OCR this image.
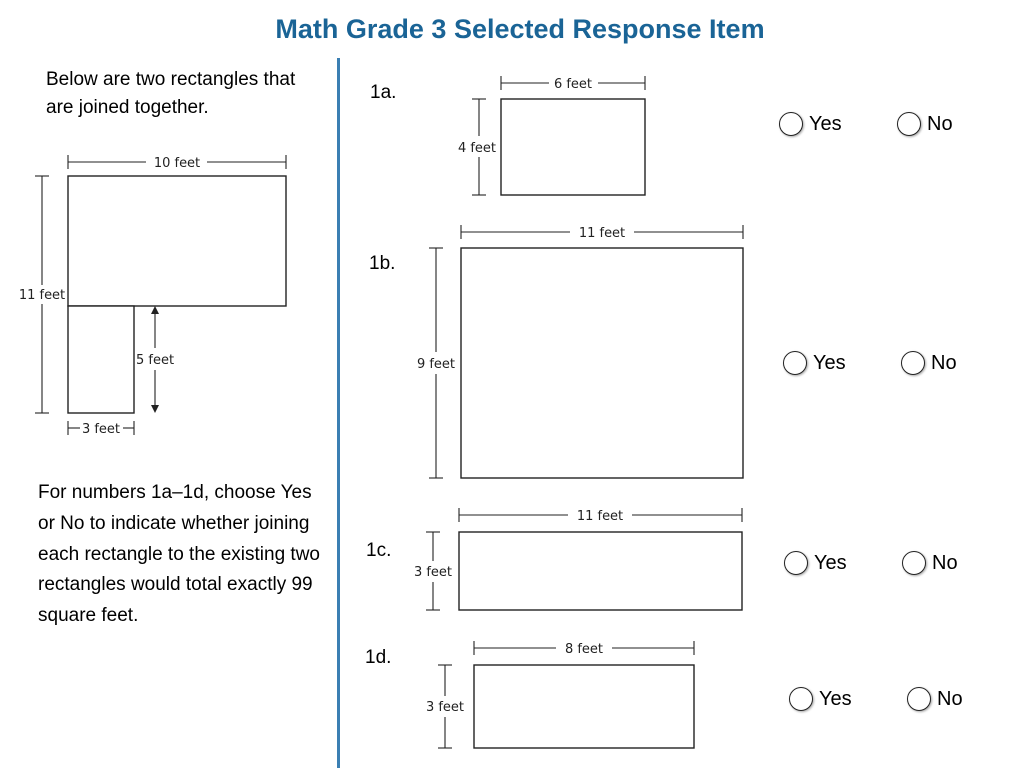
Math Grade 3 Selected Response Item
Below are two rectangles that are joined together.
10 feet
11 feet
5 feet
3 feet
For numbers 1a–1d, choose Yes or No to indicate whether joining each rectangle to the existing two rectangles would total exactly 99 square feet.
6 feet
4 feet
11 feet
9 feet
11 feet
3 feet
8 feet
3 feet
1a.
1b.
1c.
1d.
Yes	No
Yes	No
Yes	No
Yes	No
